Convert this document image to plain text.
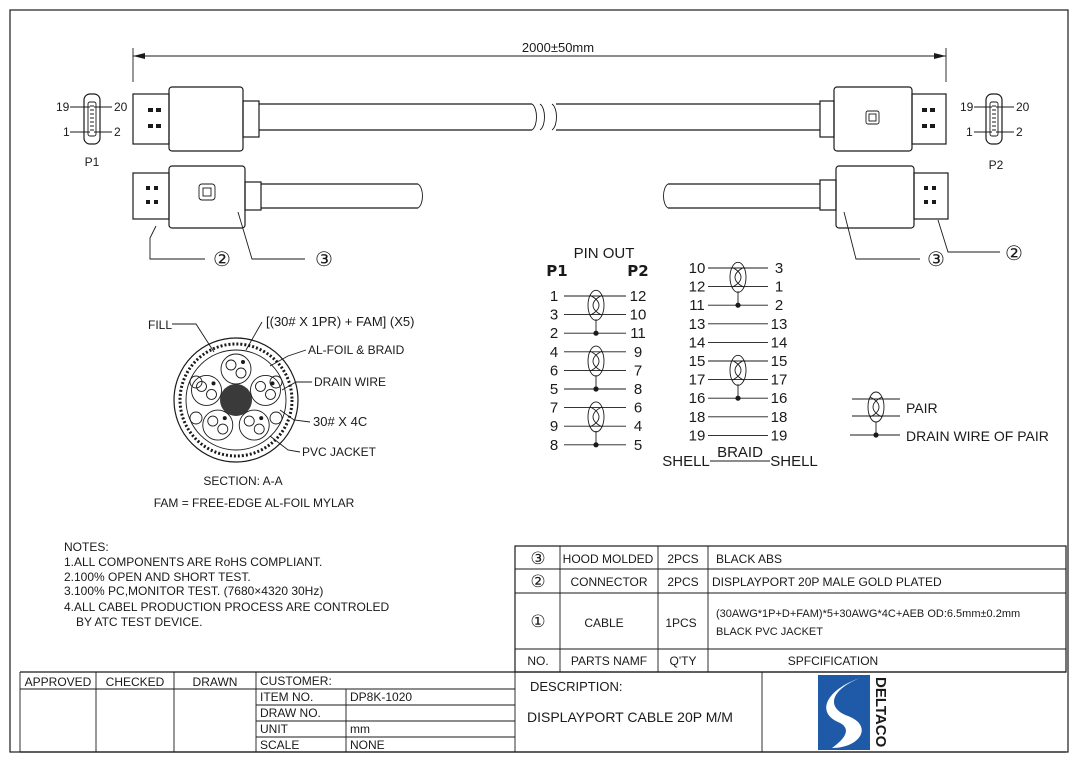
2000±50mm
19
1
20
2
P1
19
1
20
2
P2
②	③	③	②
FILL	[(30# X 1PR) + FAM] (X5)
AL-FOIL & BRAID
DRAIN WIRE
30# X 4C
PVC JACKET
SECTION: A-A
FAM = FREE-EDGE AL-FOIL MYLAR
PIN OUT
P1	P2
1	12
3	10
2	11
4	9
6	7
5	8
7	6
9	4
8	5
10	3
12	1
11	2
13	13
14	14
15	15
17	17
16	16
18	18
19	19
SHELL
BRAID
SHELL
PAIR
DRAIN WIRE OF PAIR
NOTES:
1.ALL COMPONENTS ARE RoHS COMPLIANT.
2.100% OPEN AND SHORT TEST.
3.100% PC,MONITOR TEST. (7680×4320 30Hz)
4.ALL CABEL PRODUCTION PROCESS ARE CONTROLED
BY ATC TEST DEVICE.
③ HOOD MOLDED 2PCS BLACK ABS
② CONNECTOR 2PCS DISPLAYPORT 20P MALE GOLD PLATED
①	CABLE	1PCS
(30AWG*1P+D+FAM)*5+30AWG*4C+AEB OD:6.5mm±0.2mm
BLACK PVC JACKET
NO. PARTS NAMF Q'TY	SPFCIFICATION
APPROVED CHECKED DRAWN CUSTOMER:
ITEM NO.	DP8K-1020
DRAW NO.
UNIT	mm
SCALE	NONE
DESCRIPTION:
DISPLAYPORT CABLE 20P M/M	DELTACO
